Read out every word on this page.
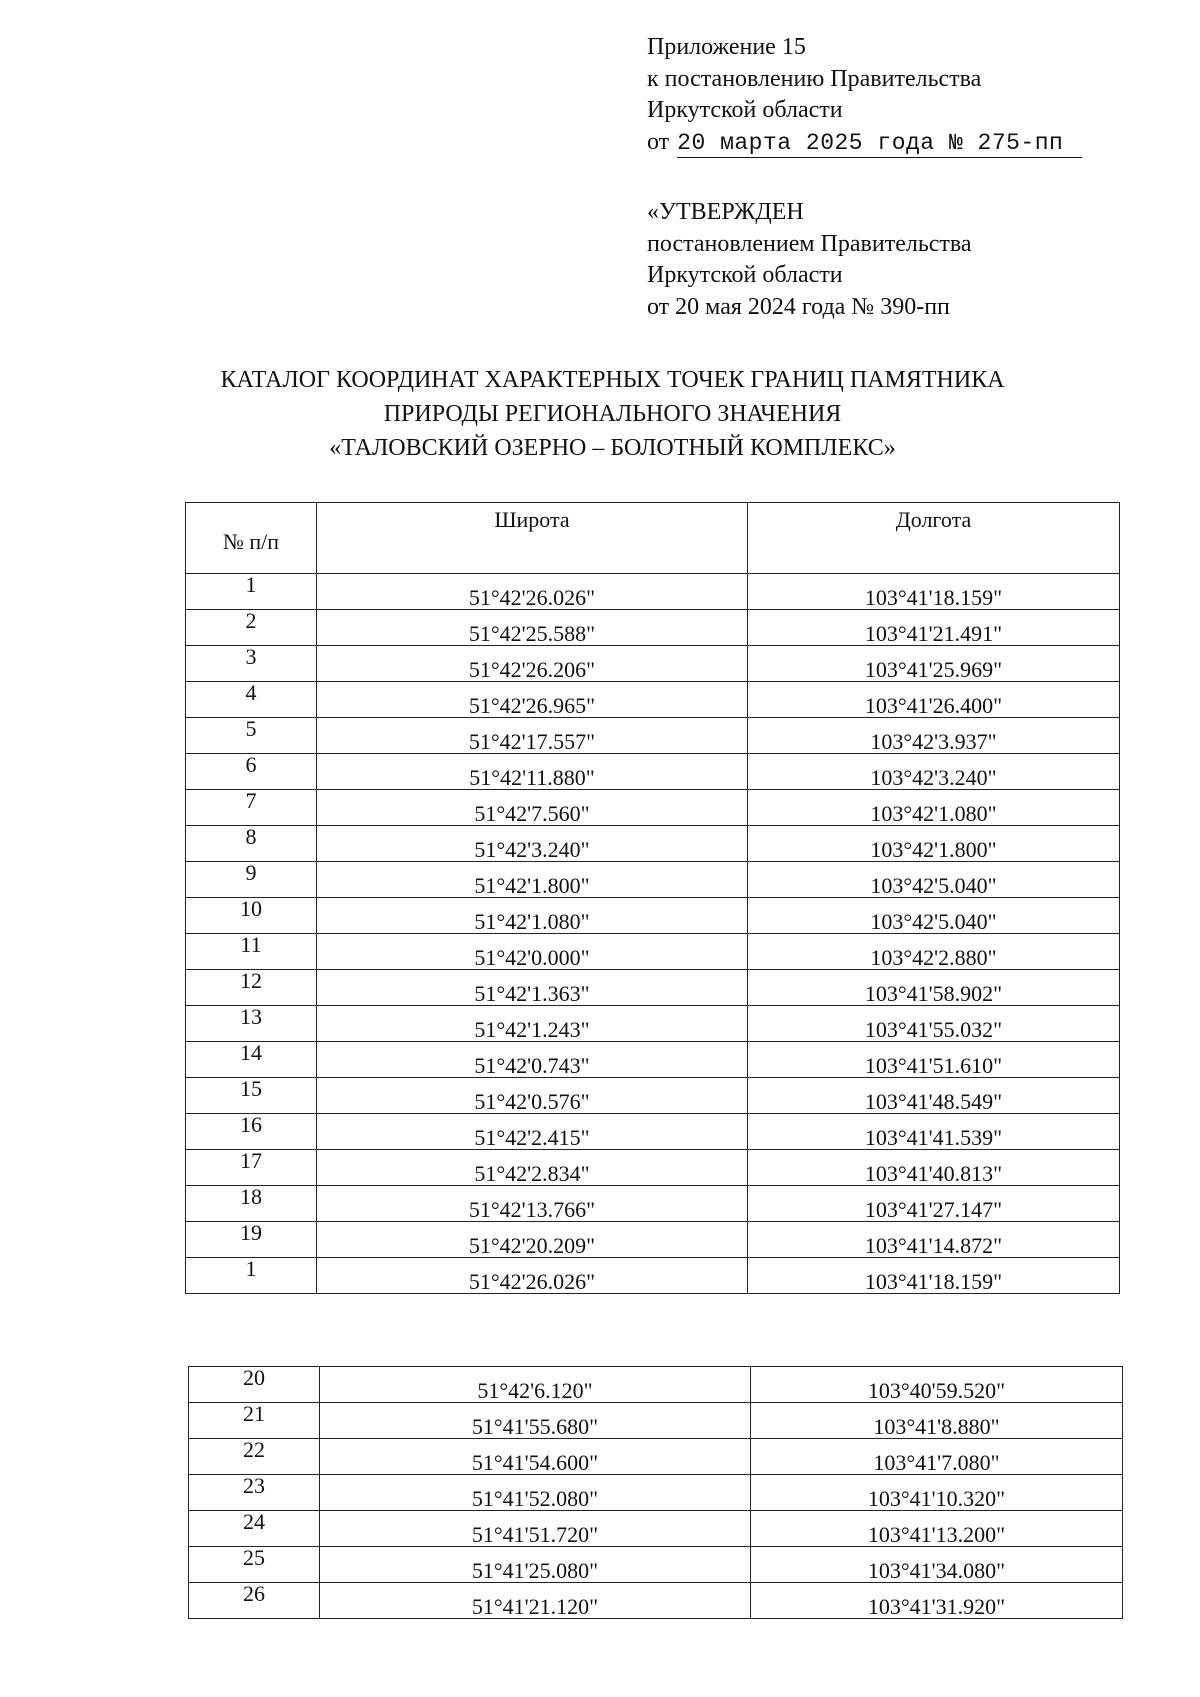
Приложение 15
к постановлению Правительства
Иркутской области
от 20 марта 2025 года № 275-пп
«УТВЕРЖДЕН
постановлением Правительства
Иркутской области
от 20 мая 2024 года № 390-пп
КАТАЛОГ КООРДИНАТ ХАРАКТЕРНЫХ ТОЧЕК ГРАНИЦ ПАМЯТНИКА
ПРИРОДЫ РЕГИОНАЛЬНОГО ЗНАЧЕНИЯ
«ТАЛОВСКИЙ ОЗЕРНО – БОЛОТНЫЙ КОМПЛЕКС»
№ п/п	Широта	Долгота
1	51°42'26.026"	103°41'18.159"
2	51°42'25.588"	103°41'21.491"
3	51°42'26.206"	103°41'25.969"
4	51°42'26.965"	103°41'26.400"
5	51°42'17.557"	103°42'3.937"
6	51°42'11.880"	103°42'3.240"
7	51°42'7.560"	103°42'1.080"
8	51°42'3.240"	103°42'1.800"
9	51°42'1.800"	103°42'5.040"
10	51°42'1.080"	103°42'5.040"
11	51°42'0.000"	103°42'2.880"
12	51°42'1.363"	103°41'58.902"
13	51°42'1.243"	103°41'55.032"
14	51°42'0.743"	103°41'51.610"
15	51°42'0.576"	103°41'48.549"
16	51°42'2.415"	103°41'41.539"
17	51°42'2.834"	103°41'40.813"
18	51°42'13.766"	103°41'27.147"
19	51°42'20.209"	103°41'14.872"
1	51°42'26.026"	103°41'18.159"
20	51°42'6.120"	103°40'59.520"
21	51°41'55.680"	103°41'8.880"
22	51°41'54.600"	103°41'7.080"
23	51°41'52.080"	103°41'10.320"
24	51°41'51.720"	103°41'13.200"
25	51°41'25.080"	103°41'34.080"
26	51°41'21.120"	103°41'31.920"
